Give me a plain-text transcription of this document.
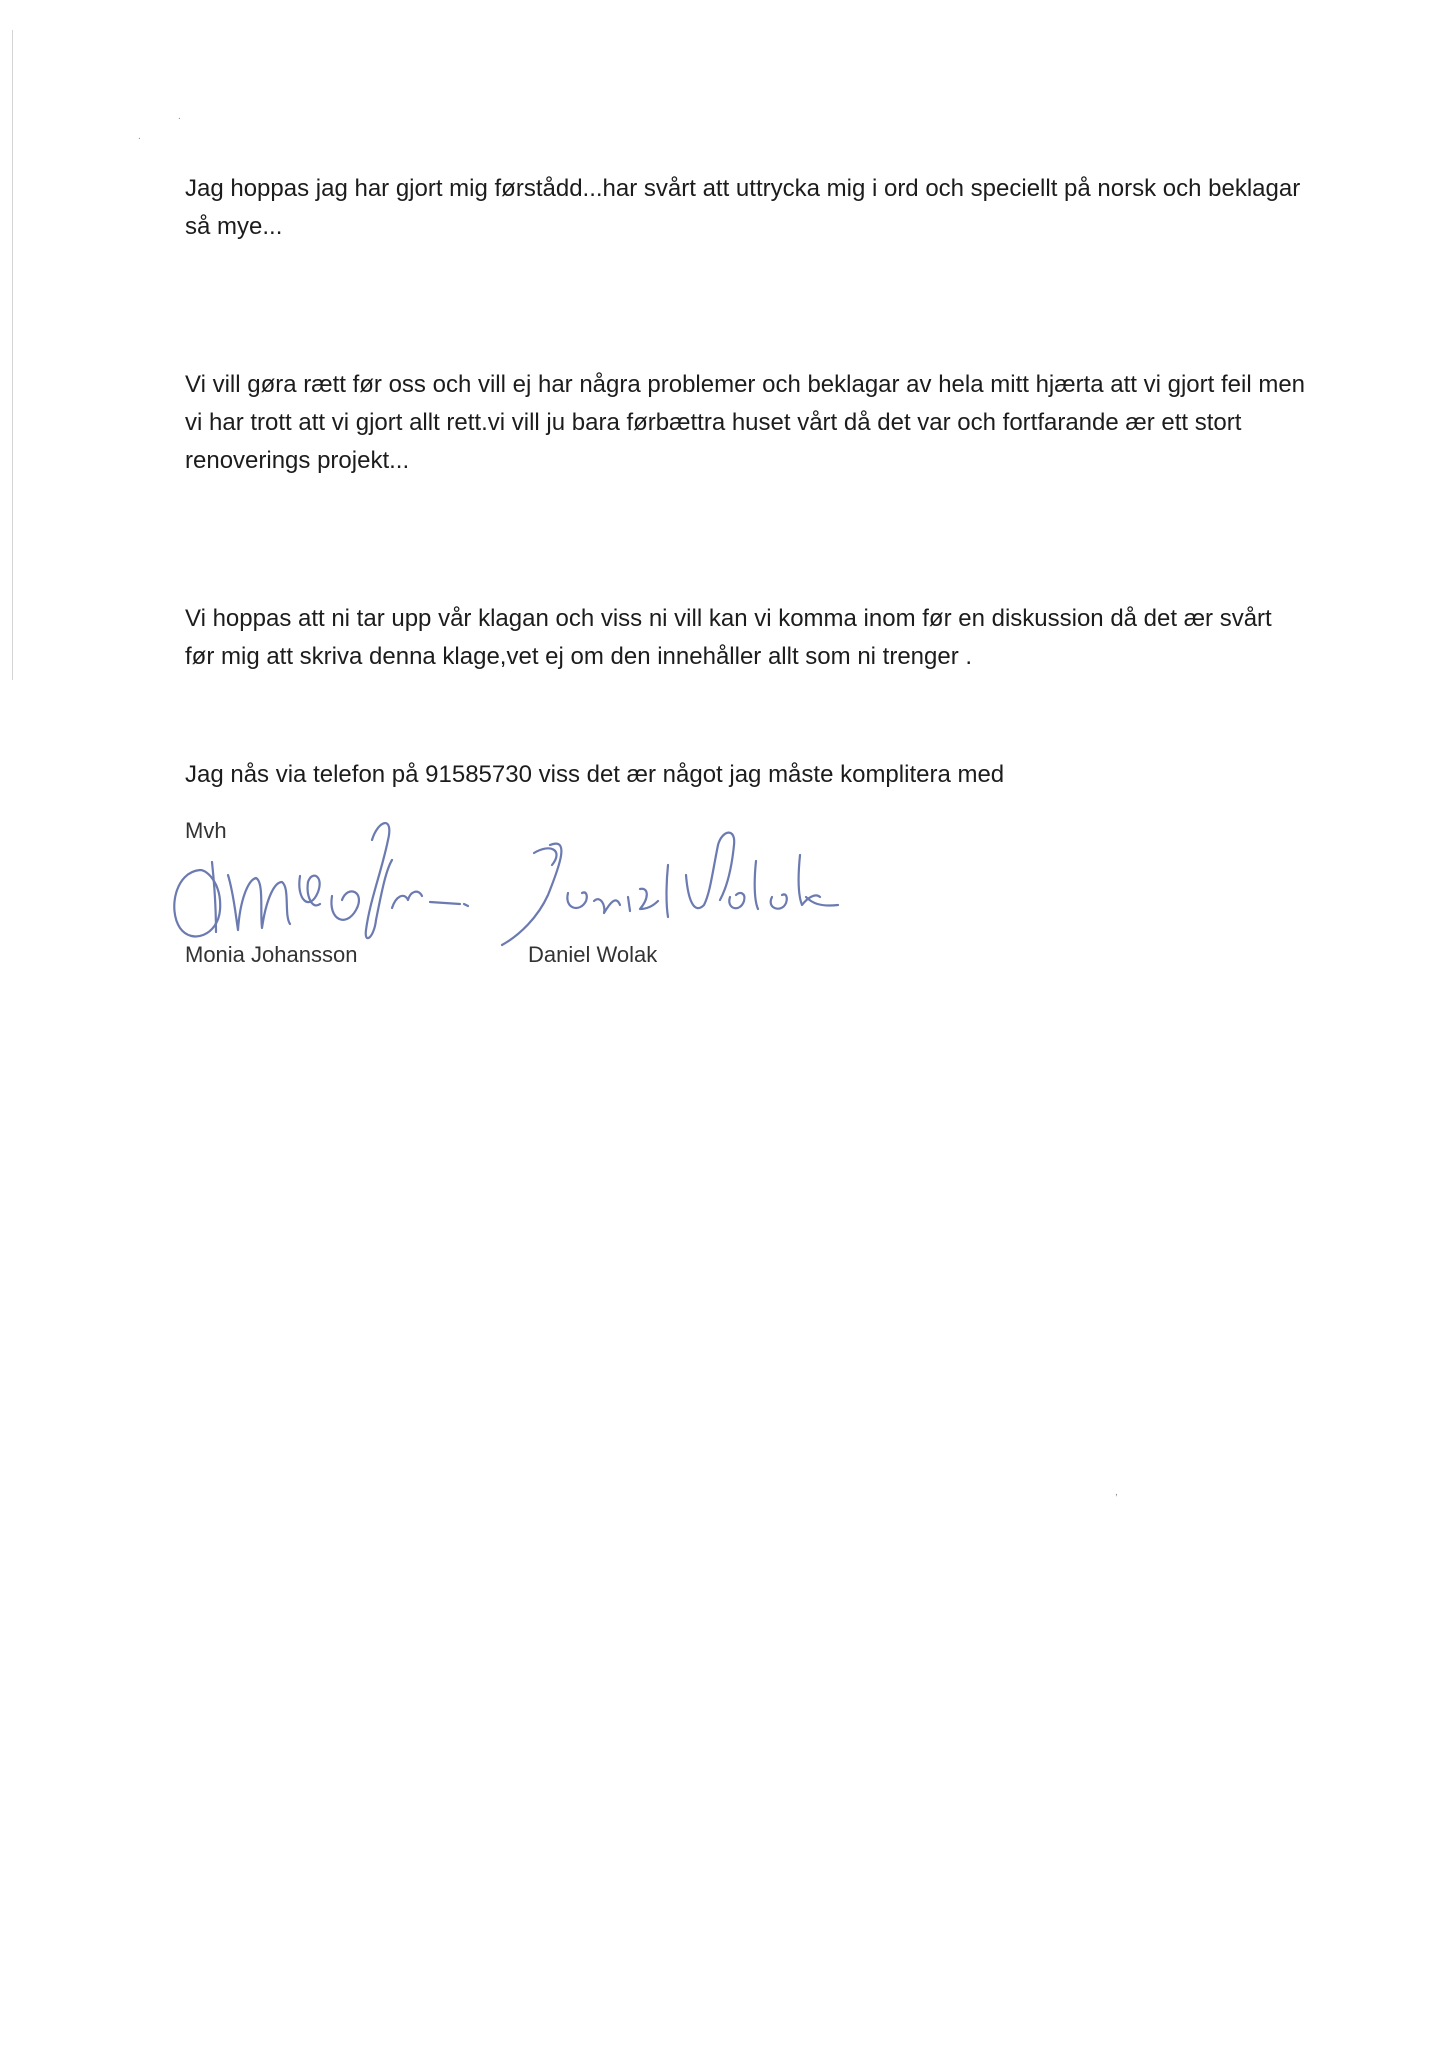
.
.
,

Jag hoppas jag har gjort mig førstådd...har svårt att uttrycka mig i ord och speciellt på norsk och beklagar så mye...

Vi vill gøra rætt før oss och vill ej har några problemer och beklagar av hela mitt hjærta att vi gjort feil men vi har trott att vi gjort allt rett.vi vill ju bara førbættra huset vårt då det var och fortfarande ær ett stort renoverings projekt...

Vi hoppas att ni tar upp vår klagan och viss ni vill kan vi komma inom før en diskussion då det ær svårt før mig att skriva denna klage,vet ej om den innehåller allt som ni trenger .

Jag nås via telefon på 91585730 viss det ær något jag måste komplitera med

Mvh
Monia Johansson	Daniel Wolak
